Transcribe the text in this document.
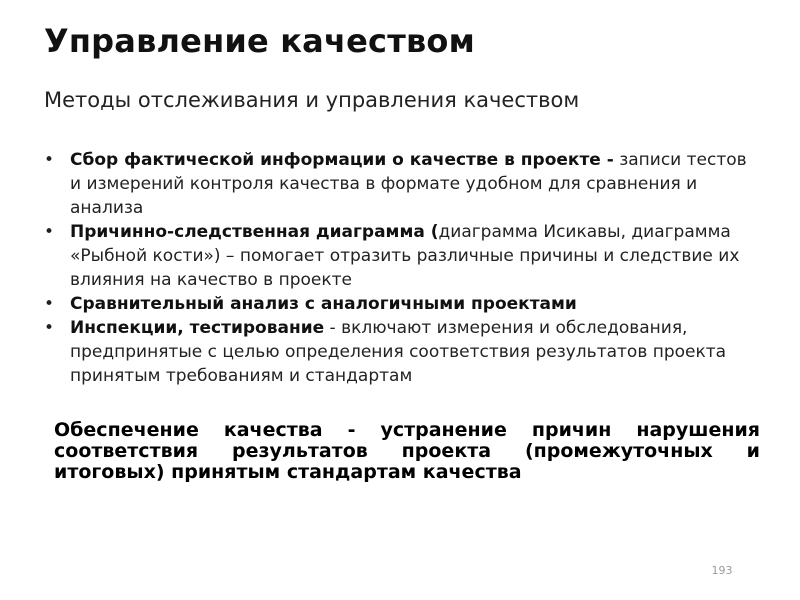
Управление качеством
Методы отслеживания и управления качеством
• Cбор фактической информации о качестве в проекте - записи тестов и измерений контроля качества в формате удобном для сравнения и анализа
• Причинно-следственная диаграмма (диаграмма Исикавы, диаграмма «Рыбной кости») – помогает отразить различные причины и следствие их влияния на качество в проекте
• Сравнительный анализ с аналогичными проектами
• Инспекции, тестирование - включают измерения и обследования, предпринятые с целью определения соответствия результатов проекта принятым требованиям и стандартам

Обеспечение качества - устранение причин нарушения соответствия результатов проекта (промежуточных и итоговых) принятым стандартам качества

193
